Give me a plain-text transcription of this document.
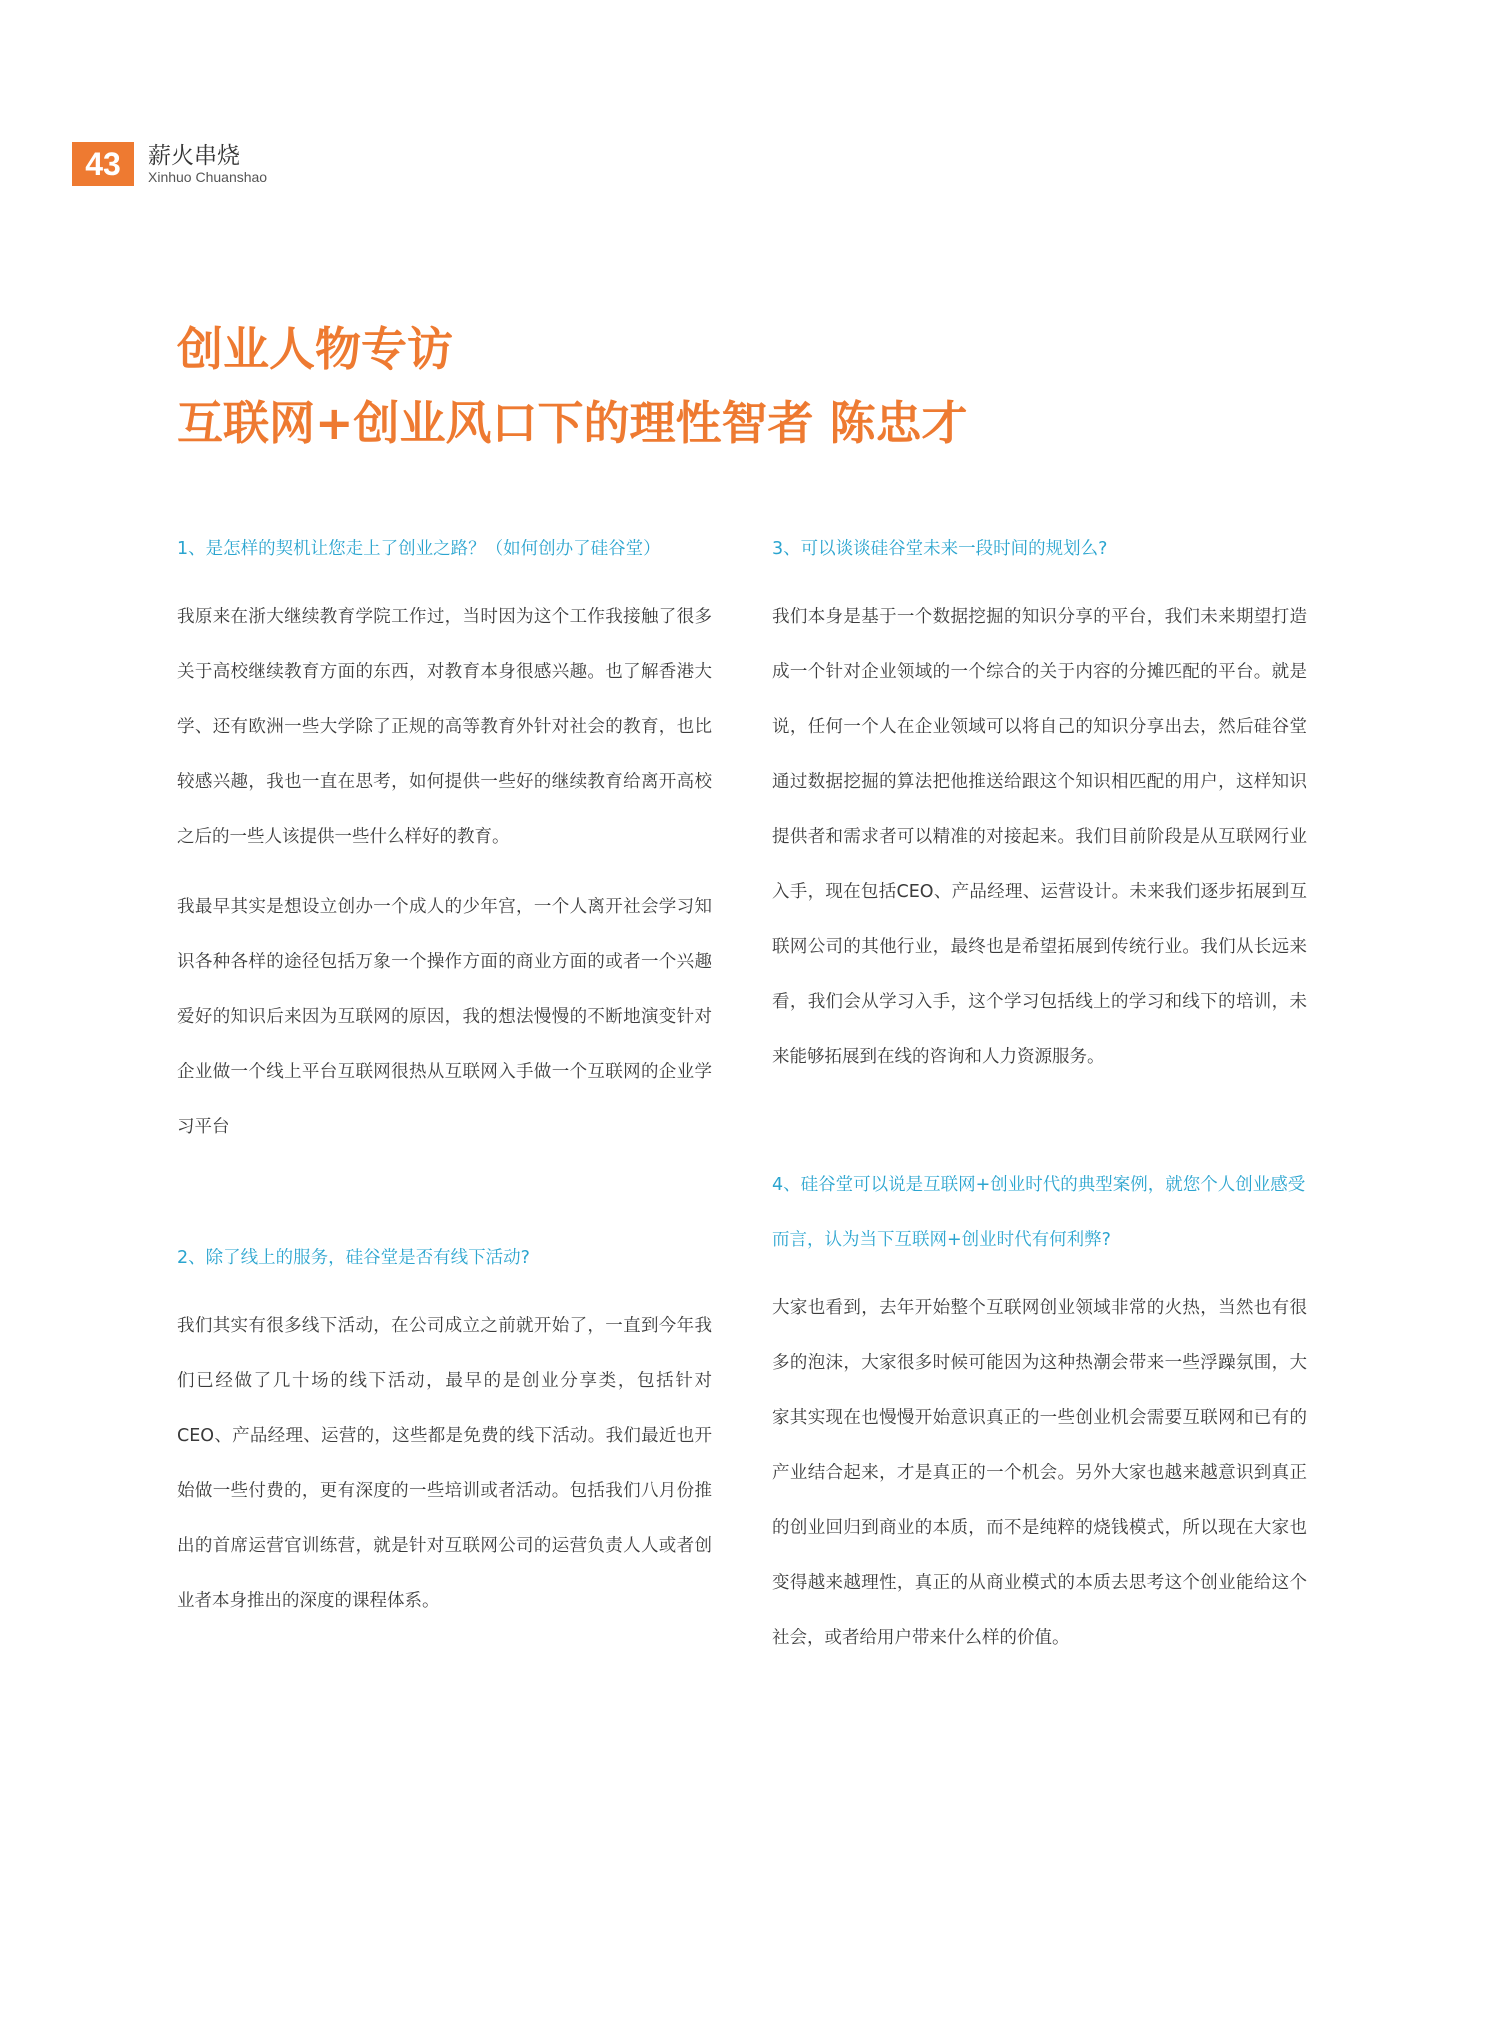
43	薪火串烧
Xinhuo Chuanshao
创业人物专访
互联网+创业风口下的理性智者 陈忠才

1、是怎样的契机让您走上了创业之路？（如何创办了硅谷堂）

我原来在浙大继续教育学院工作过，当时因为这个工作我接触了很多关于高校继续教育方面的东西，对教育本身很感兴趣。也了解香港大学、还有欧洲一些大学除了正规的高等教育外针对社会的教育，也比较感兴趣，我也一直在思考，如何提供一些好的继续教育给离开高校之后的一些人该提供一些什么样好的教育。

我最早其实是想设立创办一个成人的少年宫，一个人离开社会学习知识各种各样的途径包括万象一个操作方面的商业方面的或者一个兴趣爱好的知识后来因为互联网的原因，我的想法慢慢的不断地演变针对企业做一个线上平台互联网很热从互联网入手做一个互联网的企业学习平台

2、除了线上的服务，硅谷堂是否有线下活动?

我们其实有很多线下活动，在公司成立之前就开始了，一直到今年我们已经做了几十场的线下活动，最早的是创业分享类，包括针对CEO、产品经理、运营的，这些都是免费的线下活动。我们最近也开始做一些付费的，更有深度的一些培训或者活动。包括我们八月份推出的首席运营官训练营，就是针对互联网公司的运营负责人人或者创业者本身推出的深度的课程体系。

3、可以谈谈硅谷堂未来一段时间的规划么?

我们本身是基于一个数据挖掘的知识分享的平台，我们未来期望打造成一个针对企业领域的一个综合的关于内容的分摊匹配的平台。就是说，任何一个人在企业领域可以将自己的知识分享出去，然后硅谷堂通过数据挖掘的算法把他推送给跟这个知识相匹配的用户，这样知识提供者和需求者可以精准的对接起来。我们目前阶段是从互联网行业入手，现在包括CEO、产品经理、运营设计。未来我们逐步拓展到互联网公司的其他行业，最终也是希望拓展到传统行业。我们从长远来看，我们会从学习入手，这个学习包括线上的学习和线下的培训，未来能够拓展到在线的咨询和人力资源服务。

4、硅谷堂可以说是互联网+创业时代的典型案例，就您个人创业感受而言，认为当下互联网+创业时代有何利弊?

大家也看到，去年开始整个互联网创业领域非常的火热，当然也有很多的泡沫，大家很多时候可能因为这种热潮会带来一些浮躁氛围，大家其实现在也慢慢开始意识真正的一些创业机会需要互联网和已有的产业结合起来，才是真正的一个机会。另外大家也越来越意识到真正的创业回归到商业的本质，而不是纯粹的烧钱模式，所以现在大家也变得越来越理性，真正的从商业模式的本质去思考这个创业能给这个社会，或者给用户带来什么样的价值。
